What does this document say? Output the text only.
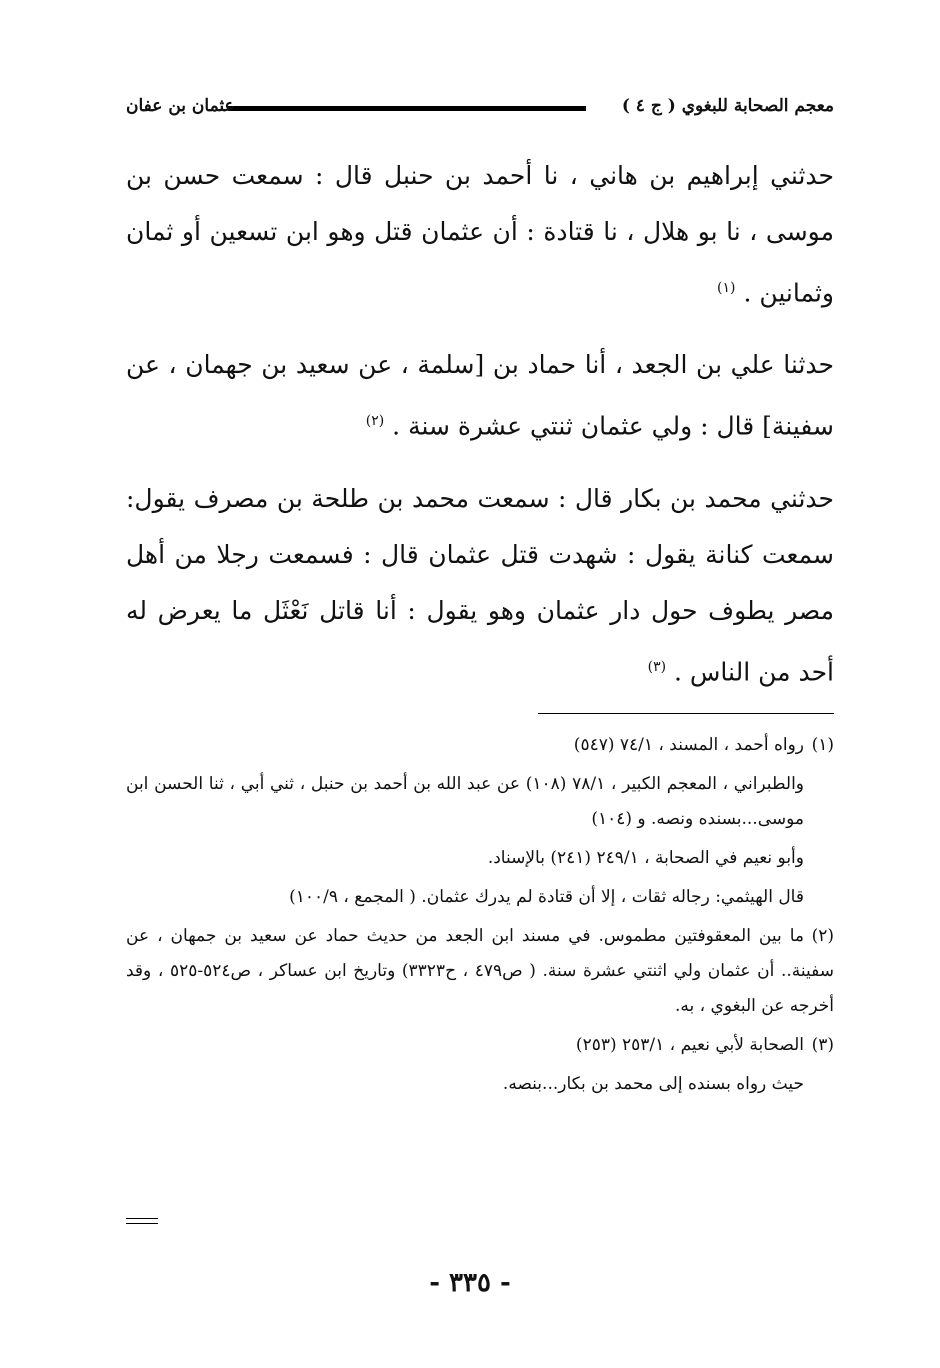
معجم الصحابة للبغوي ( ج ٤ )
عثمان بن عفان

حدثني إبراهيم بن هاني ، نا أحمد بن حنبل قال : سمعت حسن بن موسى ، نا بو هلال ، نا قتادة : أن عثمان قتل وهو ابن تسعين أو ثمان وثمانين . $^{(١)}$

حدثنا علي بن الجعد ، أنا حماد بن [سلمة ، عن سعيد بن جهمان ، عن سفينة] قال : ولي عثمان ثنتي عشرة سنة . $^{(٢)}$

حدثني محمد بن بكار قال : سمعت محمد بن طلحة بن مصرف يقول: سمعت كنانة يقول : شهدت قتل عثمان قال : فسمعت رجلا من أهل مصر يطوف حول دار عثمان وهو يقول : أنا قاتل نَعْثَل ما يعرض له أحد من الناس . $^{(٣)}$

(١)رواه أحمد ، المسند ، ٧٤/١ (٥٤٧)

والطبراني ، المعجم الكبير ، ٧٨/١ (١٠٨) عن عبد الله بن أحمد بن حنبل ، ثني أبي ، ثنا الحسن ابن موسى...بسنده ونصه. و (١٠٤)

وأبو نعيم في الصحابة ، ٢٤٩/١ (٢٤١) بالإسناد.

قال الهيثمي: رجاله ثقات ، إلا أن قتادة لم يدرك عثمان. ( المجمع ، ١٠٠/٩)

(٢)ما بين المعقوفتين مطموس. في مسند ابن الجعد من حديث حماد عن سعيد بن جمهان ، عن سفينة.. أن عثمان ولي اثنتي عشرة سنة. ( ص٤٧٩ ، ح٣٣٢٣) وتاريخ ابن عساكر ، ص٥٢٤-٥٢٥ ، وقد أخرجه عن البغوي ، به.

(٣)الصحابة لأبي نعيم ، ٢٥٣/١ (٢٥٣)

حيث رواه بسنده إلى محمد بن بكار...بنصه.

- ٣٣٥ -
